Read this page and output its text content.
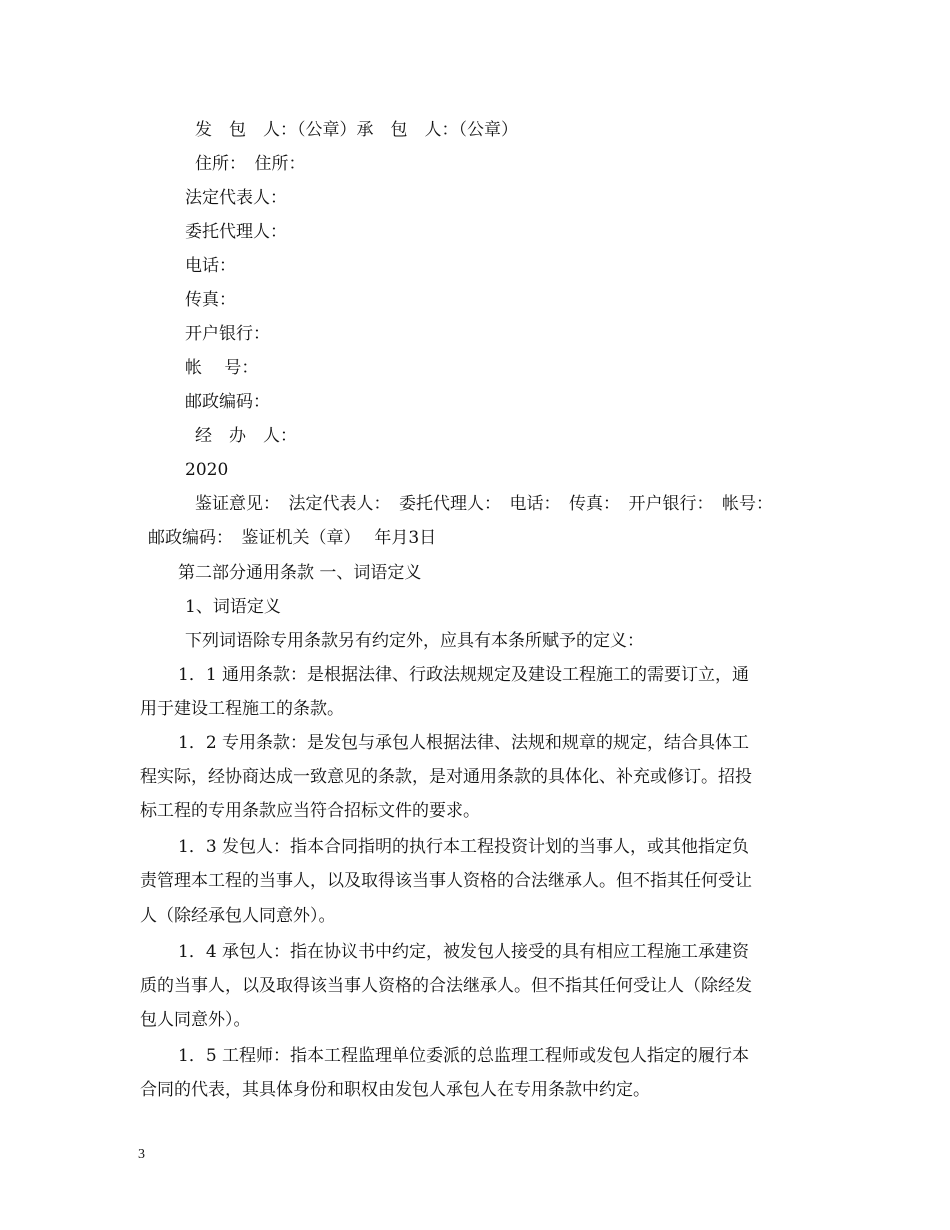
发　包　人：（公章）承　包　人：（公章）

住所：　住所：

法定代表人：

委托代理人：

电话：

传真：

开户银行：

帐　 号：

邮政编码：

经　办　人：

2020

鉴证意见：　法定代表人：　委托代理人：　电话：　传真：　开户银行：　帐号：

邮政编码：　鉴证机关（章）　 年月3日

第二部分通用条款 一、词语定义

1、词语定义

下列词语除专用条款另有约定外，应具有本条所赋予的定义：

1．1 通用条款：是根据法律、行政法规规定及建设工程施工的需要订立，通

用于建设工程施工的条款。

1．2 专用条款：是发包与承包人根据法律、法规和规章的规定，结合具体工

程实际，经协商达成一致意见的条款，是对通用条款的具体化、补充或修订。招投

标工程的专用条款应当符合招标文件的要求。

1．3 发包人：指本合同指明的执行本工程投资计划的当事人，或其他指定负

责管理本工程的当事人，以及取得该当事人资格的合法继承人。但不指其任何受让

人（除经承包人同意外）。

1．4 承包人：指在协议书中约定，被发包人接受的具有相应工程施工承建资

质的当事人，以及取得该当事人资格的合法继承人。但不指其任何受让人（除经发

包人同意外）。

1．5 工程师：指本工程监理单位委派的总监理工程师或发包人指定的履行本

合同的代表，其具体身份和职权由发包人承包人在专用条款中约定。

3
